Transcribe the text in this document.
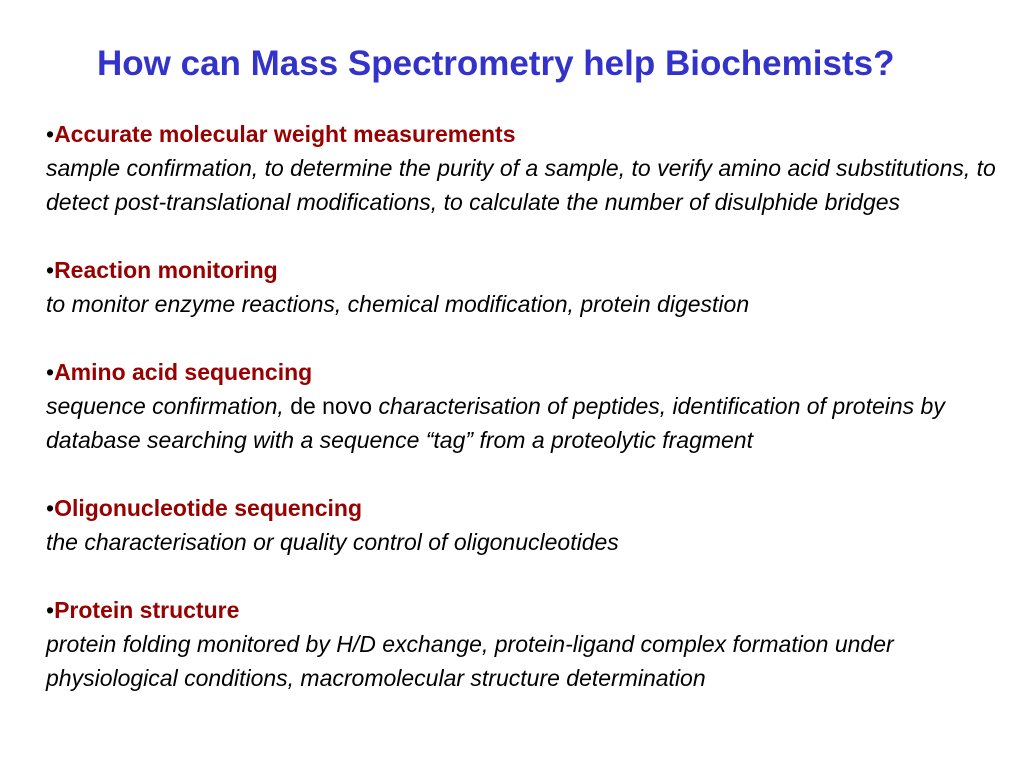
How can Mass Spectrometry help Biochemists?
•Accurate molecular weight measurements
sample confirmation, to determine the purity of a sample, to verify amino acid substitutions, to detect post-translational modifications, to calculate the number of disulphide bridges
•Reaction monitoring
to monitor enzyme reactions, chemical modification, protein digestion
•Amino acid sequencing
sequence confirmation, de novo characterisation of peptides, identification of proteins by database searching with a sequence “tag” from a proteolytic fragment
•Oligonucleotide sequencing
the characterisation or quality control of oligonucleotides
•Protein structure
protein folding monitored by H/D exchange, protein-ligand complex formation under physiological conditions, macromolecular structure determination
